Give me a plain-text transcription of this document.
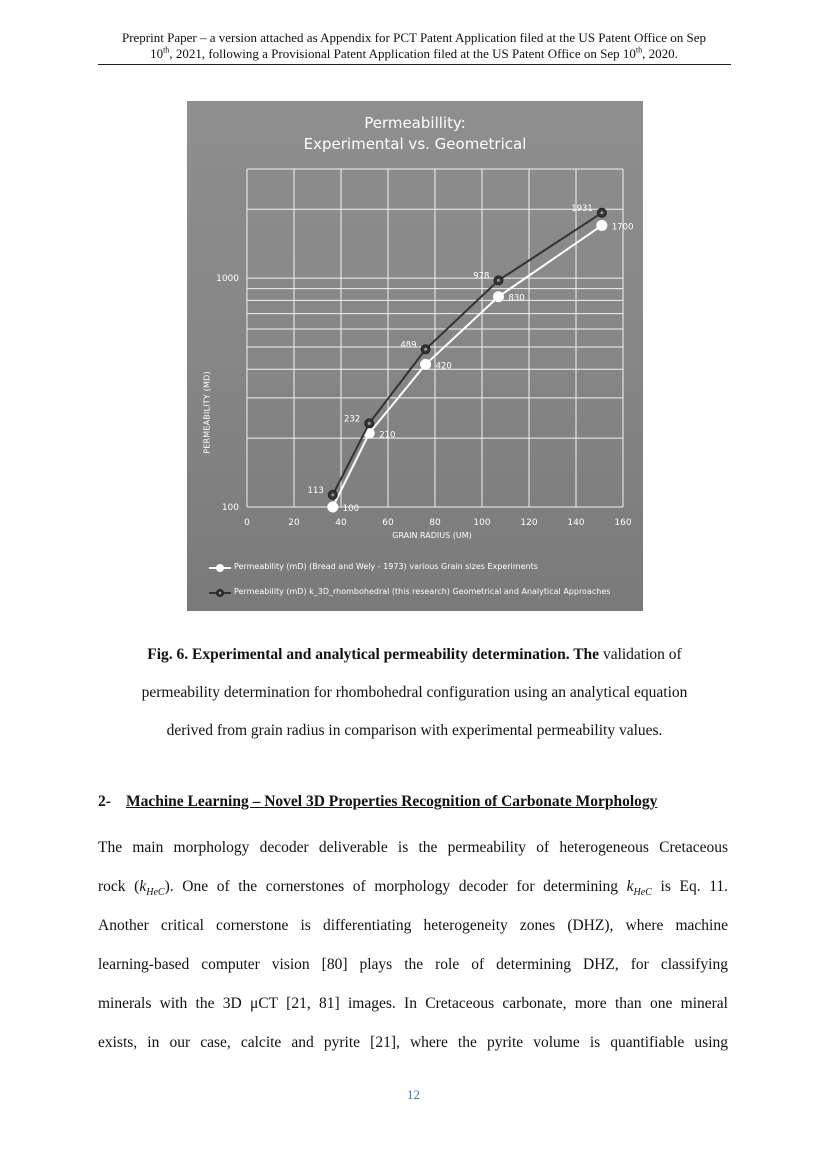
Preprint Paper – a version attached as Appendix for PCT Patent Application filed at the US Patent Office on Sep
10th, 2021, following a Provisional Patent Application filed at the US Patent Office on Sep 10th, 2020.
Permeabillity:
Experimental vs. Geometrical
0	20	40	60	80	100	120	140	160
100
1000
100
210
420
830
1700
113
232
489
978
1931
PERMEABILITY (MD)
GRAIN RADIUS (UM)
Permeability (mD) (Bread and Wely - 1973) various Grain sizes Experiments
Permeability (mD) k_3D_rhombohedral (this research) Geometrical and Analytical Approaches
Fig. 6. Experimental and analytical permeability determination. The validation of
permeability determination for rhombohedral configuration using an analytical equation
derived from grain radius in comparison with experimental permeability values.
2- Machine Learning – Novel 3D Properties Recognition of Carbonate Morphology
The main morphology decoder deliverable is the permeability of heterogeneous Cretaceous
rock $(k_{HeC})$. One of the cornerstones of morphology decoder for determining $k_{HeC}$ is Eq. 11.
Another critical cornerstone is differentiating heterogeneity zones (DHZ), where machine
learning-based computer vision [80] plays the role of determining DHZ, for classifying
minerals with the 3D μCT [21, 81] images. In Cretaceous carbonate, more than one mineral
exists, in our case, calcite and pyrite [21], where the pyrite volume is quantifiable using
12
